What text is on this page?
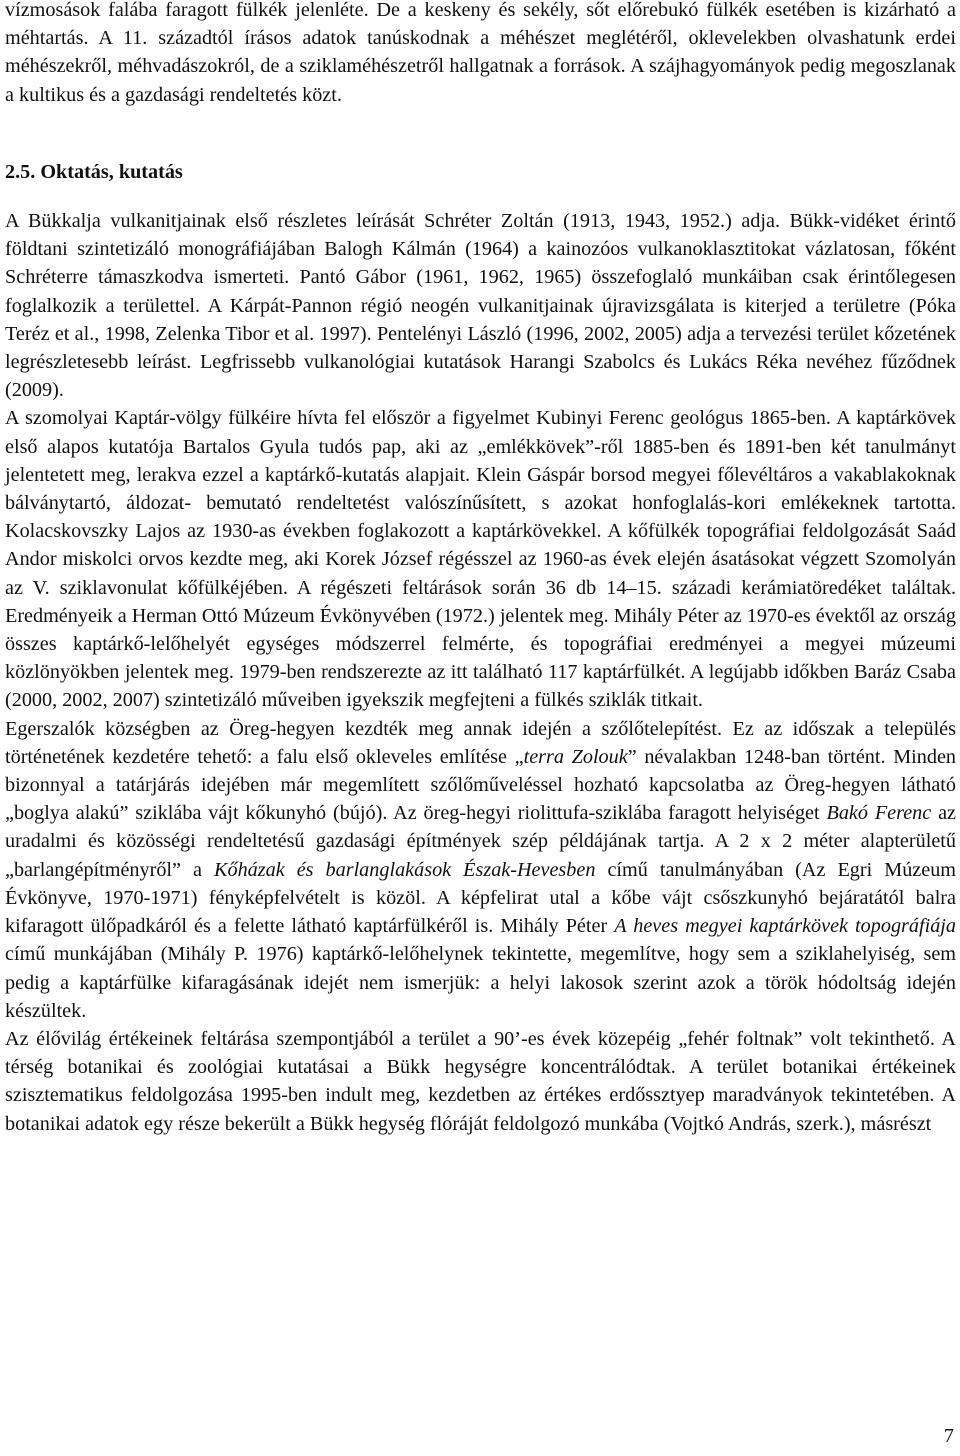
vízmosások falába faragott fülkék jelenléte. De a keskeny és sekély, sőt előrebukó fülkék esetében is kizárható a méhtartás. A 11. századtól írásos adatok tanúskodnak a méhészet meglétéről, oklevelekben olvashatunk erdei méhészekről, méhvadászokról, de a sziklaméhészetről hallgatnak a források. A szájhagyományok pedig megoszlanak a kultikus és a gazdasági rendeltetés közt.

2.5. Oktatás, kutatás

A Bükkalja vulkanitjainak első részletes leírását Schréter Zoltán (1913, 1943, 1952.) adja. Bükk-vidéket érintő földtani szintetizáló monográfiájában Balogh Kálmán (1964) a kainozóos vulkanoklasztitokat vázlatosan, főként Schréterre támaszkodva ismerteti. Pantó Gábor (1961, 1962, 1965) összefoglaló munkáiban csak érintőlegesen foglalkozik a területtel. A Kárpát-Pannon régió neogén vulkanitjainak újravizsgálata is kiterjed a területre (Póka Teréz et al., 1998, Zelenka Tibor et al. 1997). Pentelényi László (1996, 2002, 2005) adja a tervezési terület kőzetének legrészletesebb leírást. Legfrissebb vulkanológiai kutatások Harangi Szabolcs és Lukács Réka nevéhez fűződnek (2009).

A szomolyai Kaptár-völgy fülkéire hívta fel először a figyelmet Kubinyi Ferenc geológus 1865-ben. A kaptárkövek első alapos kutatója Bartalos Gyula tudós pap, aki az „emlékkövek”-ről 1885-ben és 1891-ben két tanulmányt jelentetett meg, lerakva ezzel a kaptárkő-kutatás alapjait. Klein Gáspár borsod megyei főlevéltáros a vakablakoknak bálványtartó, áldozat- bemutató rendeltetést valószínűsített, s azokat honfoglalás-kori emlékeknek tartotta. Kolacskovszky Lajos az 1930-as években foglakozott a kaptárkövekkel. A kőfülkék topográfiai feldolgozását Saád Andor miskolci orvos kezdte meg, aki Korek József régésszel az 1960-as évek elején ásatásokat végzett Szomolyán az V. sziklavonulat kőfülkéjében. A régészeti feltárások során 36 db 14–15. századi kerámiatöredéket találtak. Eredményeik a Herman Ottó Múzeum Évkönyvében (1972.) jelentek meg. Mihály Péter az 1970-es évektől az ország összes kaptárkő-lelőhelyét egységes módszerrel felmérte, és topográfiai eredményei a megyei múzeumi közlönyökben jelentek meg. 1979-ben rendszerezte az itt található 117 kaptárfülkét. A legújabb időkben Baráz Csaba (2000, 2002, 2007) szintetizáló műveiben igyekszik megfejteni a fülkés sziklák titkait.

Egerszalók községben az Öreg-hegyen kezdték meg annak idején a szőlőtelepítést. Ez az időszak a település történetének kezdetére tehető: a falu első okleveles említése „terra Zolouk” névalakban 1248-ban történt. Minden bizonnyal a tatárjárás idejében már megemlített szőlőműveléssel hozható kapcsolatba az Öreg-hegyen látható „boglya alakú” sziklába vájt kőkunyhó (bújó). Az öreg-hegyi riolittufa-sziklába faragott helyiséget Bakó Ferenc az uradalmi és közösségi rendeltetésű gazdasági építmények szép példájának tartja. A 2 x 2 méter alapterületű „barlangépítményről” a Kőházak és barlanglakások Észak-Hevesben című tanulmányában (Az Egri Múzeum Évkönyve, 1970-1971) fényképfelvételt is közöl. A képfelirat utal a kőbe vájt csőszkunyhó bejáratától balra kifaragott ülőpadkáról és a felette látható kaptárfülkéről is. Mihály Péter A heves megyei kaptárkövek topográfiája című munkájában (Mihály P. 1976) kaptárkő-lelőhelynek tekintette, megemlítve, hogy sem a sziklahelyiség, sem pedig a kaptárfülke kifaragásának idejét nem ismerjük: a helyi lakosok szerint azok a török hódoltság idején készültek.

Az élővilág értékeinek feltárása szempontjából a terület a 90’-es évek közepéig „fehér foltnak” volt tekinthető. A térség botanikai és zoológiai kutatásai a Bükk hegységre koncentrálódtak. A terület botanikai értékeinek szisztematikus feldolgozása 1995-ben indult meg, kezdetben az értékes erdőssztyep maradványok tekintetében. A botanikai adatok egy része bekerült a Bükk hegység flóráját feldolgozó munkába (Vojtkó András, szerk.), másrészt

7
